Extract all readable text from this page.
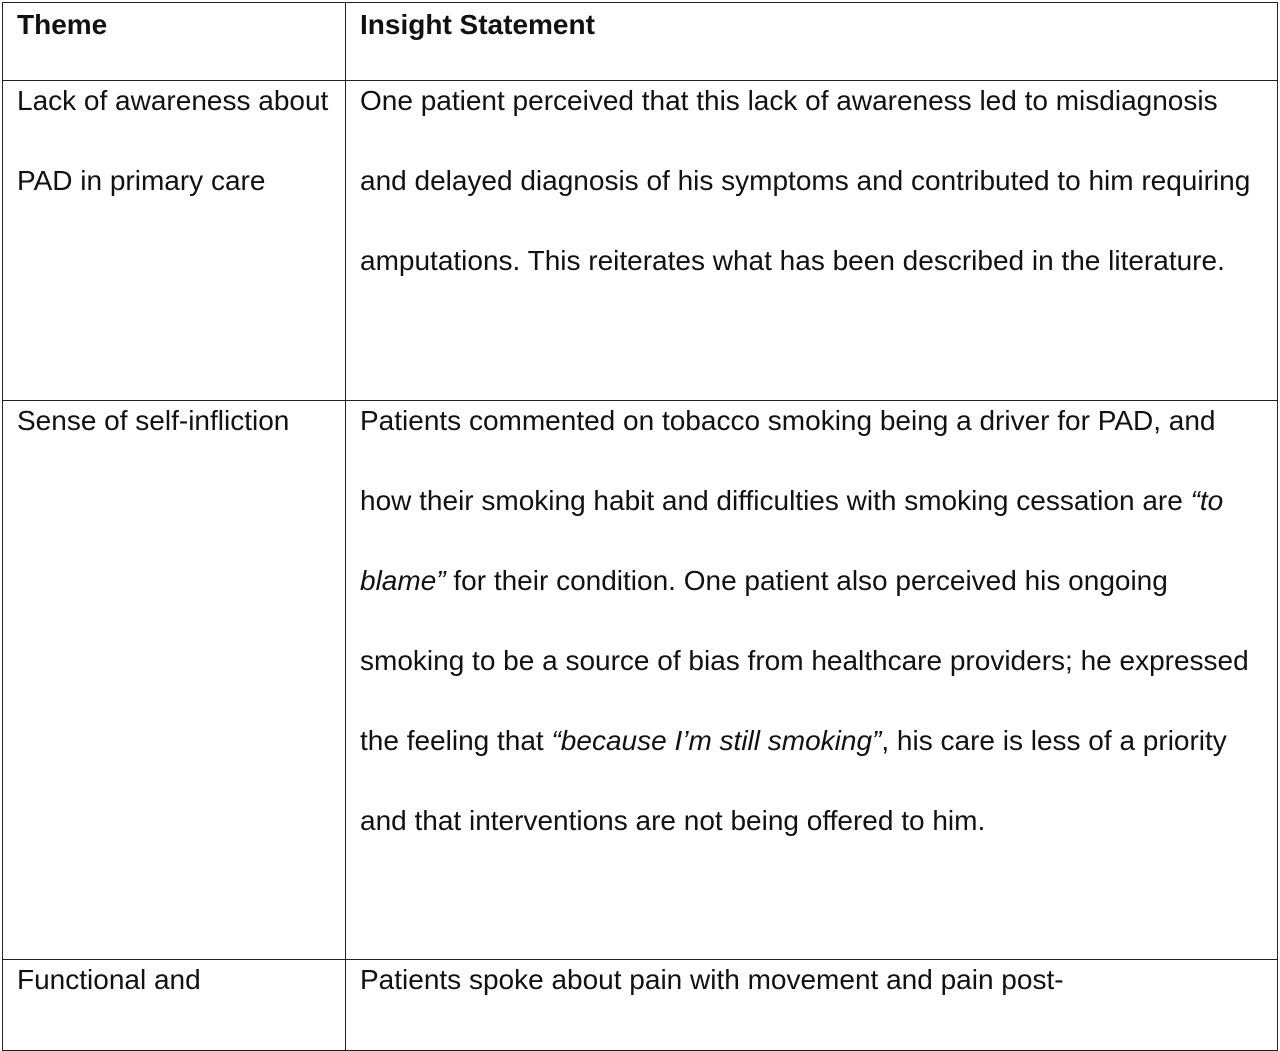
Theme	Insight Statement

Lack of awareness about PAD in primary care	One patient perceived that this lack of awareness led to misdiagnosis and delayed diagnosis of his symptoms and contributed to him requiring amputations. This reiterates what has been described in the literature.

Sense of self-infliction	Patients commented on tobacco smoking being a driver for PAD, and how their smoking habit and difficulties with smoking cessation are “to blame” for their condition. One patient also perceived his ongoing smoking to be a source of bias from healthcare providers; he expressed the feeling that “because I’m still smoking”, his care is less of a priority and that interventions are not being offered to him.

Functional and	Patients spoke about pain with movement and pain post-
